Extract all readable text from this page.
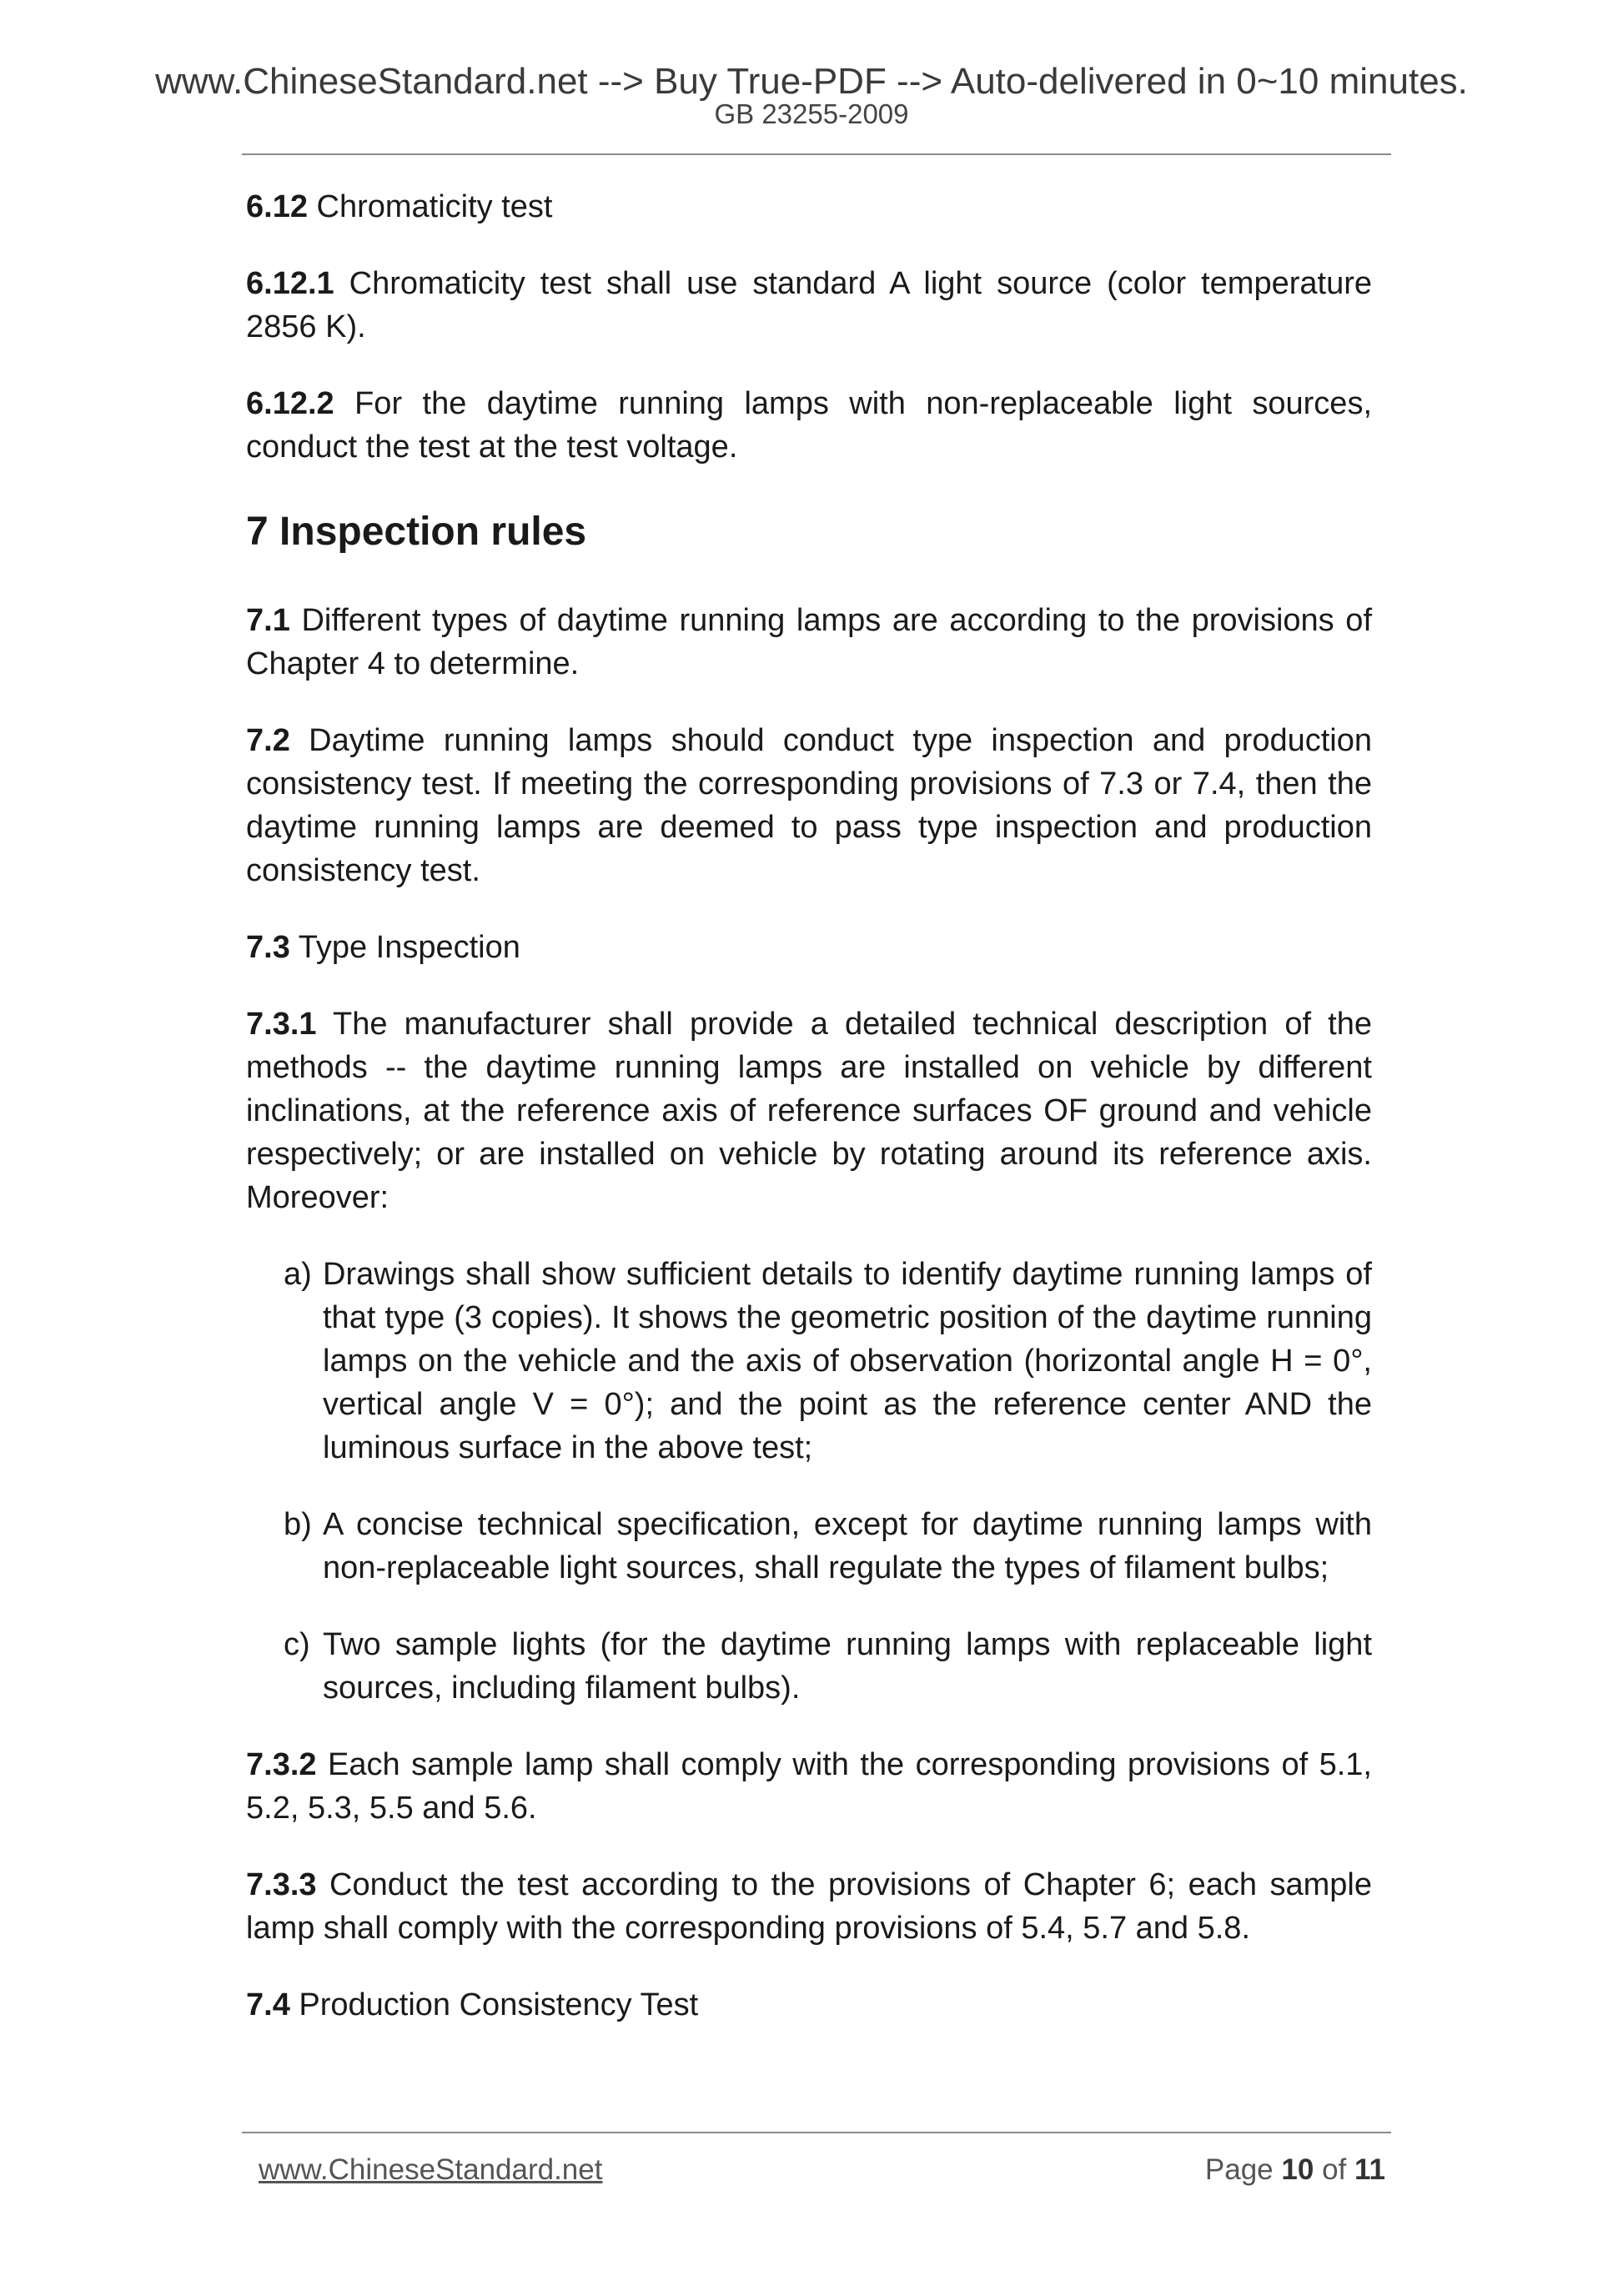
www.ChineseStandard.net --> Buy True-PDF --> Auto-delivered in 0~10 minutes.
GB 23255-2009

6.12 Chromaticity test

6.12.1 Chromaticity test shall use standard A light source (color temperature 2856 K).

6.12.2 For the daytime running lamps with non-replaceable light sources, conduct the test at the test voltage.

7 Inspection rules

7.1 Different types of daytime running lamps are according to the provisions of Chapter 4 to determine.

7.2 Daytime running lamps should conduct type inspection and production consistency test. If meeting the corresponding provisions of 7.3 or 7.4, then the daytime running lamps are deemed to pass type inspection and production consistency test.

7.3 Type Inspection

7.3.1 The manufacturer shall provide a detailed technical description of the methods -- the daytime running lamps are installed on vehicle by different inclinations, at the reference axis of reference surfaces OF ground and vehicle respectively; or are installed on vehicle by rotating around its reference axis. Moreover:

a) Drawings shall show sufficient details to identify daytime running lamps of that type (3 copies). It shows the geometric position of the daytime running lamps on the vehicle and the axis of observation (horizontal angle H = 0°, vertical angle V = 0°); and the point as the reference center AND the luminous surface in the above test;

b) A concise technical specification, except for daytime running lamps with non-replaceable light sources, shall regulate the types of filament bulbs;

c) Two sample lights (for the daytime running lamps with replaceable light sources, including filament bulbs).

7.3.2 Each sample lamp shall comply with the corresponding provisions of 5.1, 5.2, 5.3, 5.5 and 5.6.

7.3.3 Conduct the test according to the provisions of Chapter 6; each sample lamp shall comply with the corresponding provisions of 5.4, 5.7 and 5.8.

7.4 Production Consistency Test

www.ChineseStandard.net	Page 10 of 11
